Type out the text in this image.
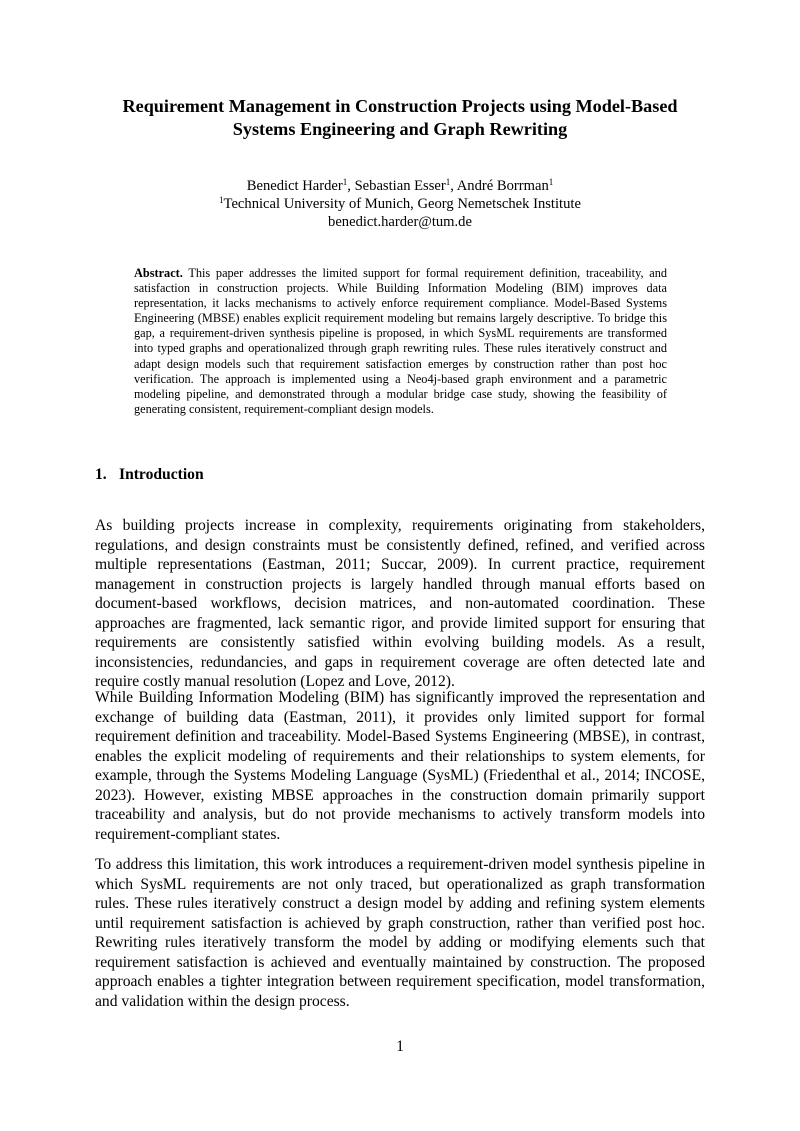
Requirement Management in Construction Projects using Model-Based Systems Engineering and Graph Rewriting
Benedict Harder$^1$, Sebastian Esser$^1$, André Borrman$^1$
$^1$Technical University of Munich, Georg Nemetschek Institute
benedict.harder@tum.de

Abstract. This paper addresses the limited support for formal requirement definition, traceability, and satisfaction in construction projects. While Building Information Modeling (BIM) improves data representation, it lacks mechanisms to actively enforce requirement compliance. Model-Based Systems Engineering (MBSE) enables explicit requirement modeling but remains largely descriptive. To bridge this gap, a requirement-driven synthesis pipeline is proposed, in which SysML requirements are transformed into typed graphs and operationalized through graph rewriting rules. These rules iteratively construct and adapt design models such that requirement satisfaction emerges by construction rather than post hoc verification. The approach is implemented using a Neo4j-based graph environment and a parametric modeling pipeline, and demonstrated through a modular bridge case study, showing the feasibility of generating consistent, requirement-compliant design models.

1. Introduction

As building projects increase in complexity, requirements originating from stakeholders, regulations, and design constraints must be consistently defined, refined, and verified across multiple representations (Eastman, 2011; Succar, 2009). In current practice, requirement management in construction projects is largely handled through manual efforts based on document-based workflows, decision matrices, and non-automated coordination. These approaches are fragmented, lack semantic rigor, and provide limited support for ensuring that requirements are consistently satisfied within evolving building models. As a result, inconsistencies, redundancies, and gaps in requirement coverage are often detected late and require costly manual resolution (Lopez and Love, 2012).

While Building Information Modeling (BIM) has significantly improved the representation and exchange of building data (Eastman, 2011), it provides only limited support for formal requirement definition and traceability. Model-Based Systems Engineering (MBSE), in contrast, enables the explicit modeling of requirements and their relationships to system elements, for example, through the Systems Modeling Language (SysML) (Friedenthal et al., 2014; INCOSE, 2023). However, existing MBSE approaches in the construction domain primarily support traceability and analysis, but do not provide mechanisms to actively transform models into requirement-compliant states.

To address this limitation, this work introduces a requirement-driven model synthesis pipeline in which SysML requirements are not only traced, but operationalized as graph transformation rules. These rules iteratively construct a design model by adding and refining system elements until requirement satisfaction is achieved by graph construction, rather than verified post hoc. Rewriting rules iteratively transform the model by adding or modifying elements such that requirement satisfaction is achieved and eventually maintained by construction. The proposed approach enables a tighter integration between requirement specification, model transformation, and validation within the design process.

1
